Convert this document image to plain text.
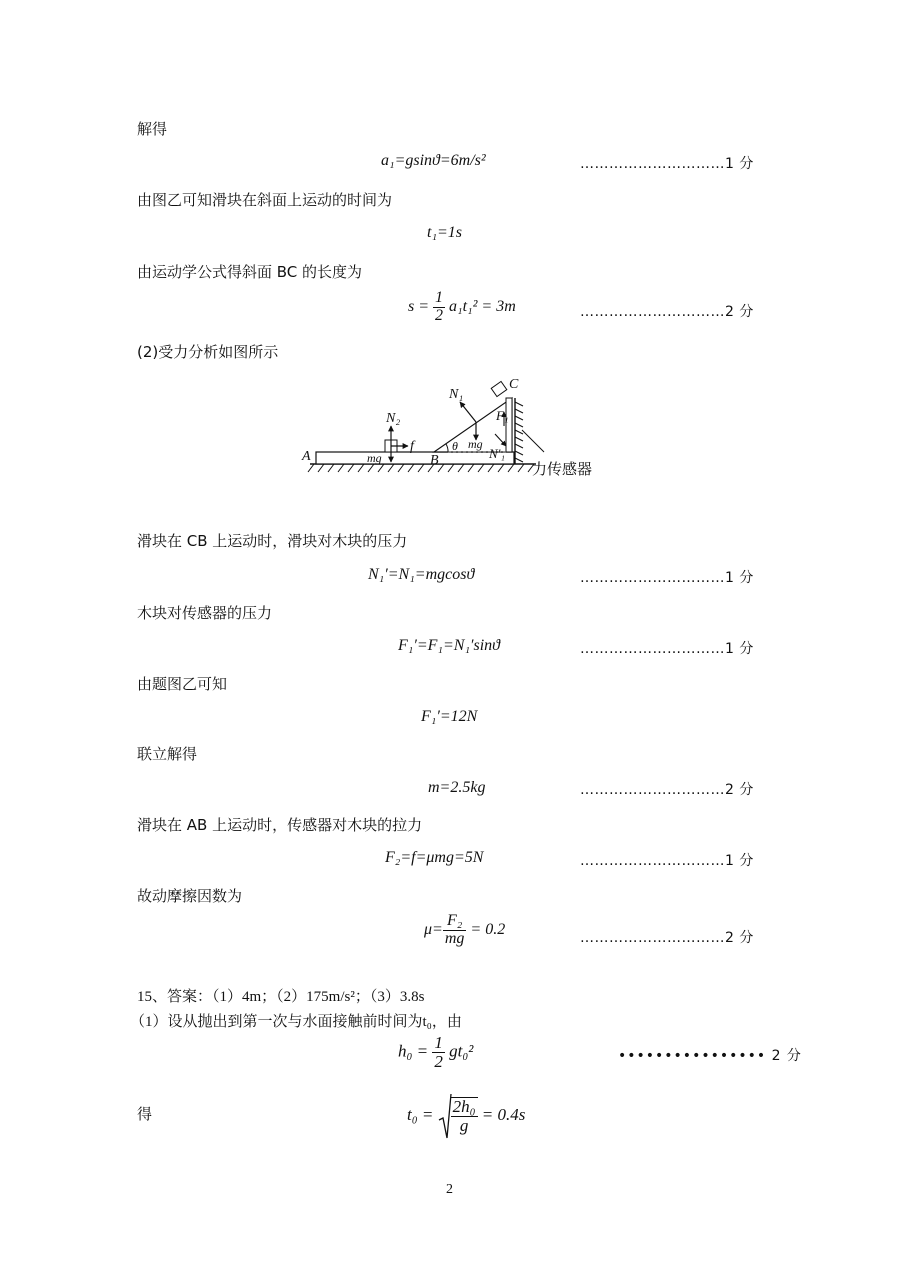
解得
a₁=gsinϑ=6m/s²	…………………………1 分
由图乙可知滑块在斜面上运动的时间为
t₁=1s
由运动学公式得斜面 BC 的长度为
$s = \frac{1}{2} a_1t_1^2 = 3m$	…………………………2 分
(2)受力分析如图所示
A	B
C
N₁
N₂	F₁
N′₁
mg
mg
f	θ
力传感器
滑块在 CB 上运动时，滑块对木块的压力
N₁′=N₁=mgcosϑ	…………………………1 分
木块对传感器的压力
F₁′=F₁=N₁′sinϑ	…………………………1 分
由题图乙可知
F₁′=12N
联立解得
m=2.5kg	…………………………2 分
滑块在 AB 上运动时，传感器对木块的拉力
F₂=f=μmg=5N	…………………………1 分
故动摩擦因数为
$\mu= \frac{\text{F₂}}{mg} = 0.2$
…………………………2 分
15、答案：（1）4m；（2）175m/s²；（3）3.8s
（1）设从抛出到第一次与水面接触前时间为t₀，由
$h_0 = \frac{1}{2} gt_0^2$	•••••••••••••••• 2 分
得	$t_0 = \frac{\text{2h₀}}{g} = 0.4s$
2
